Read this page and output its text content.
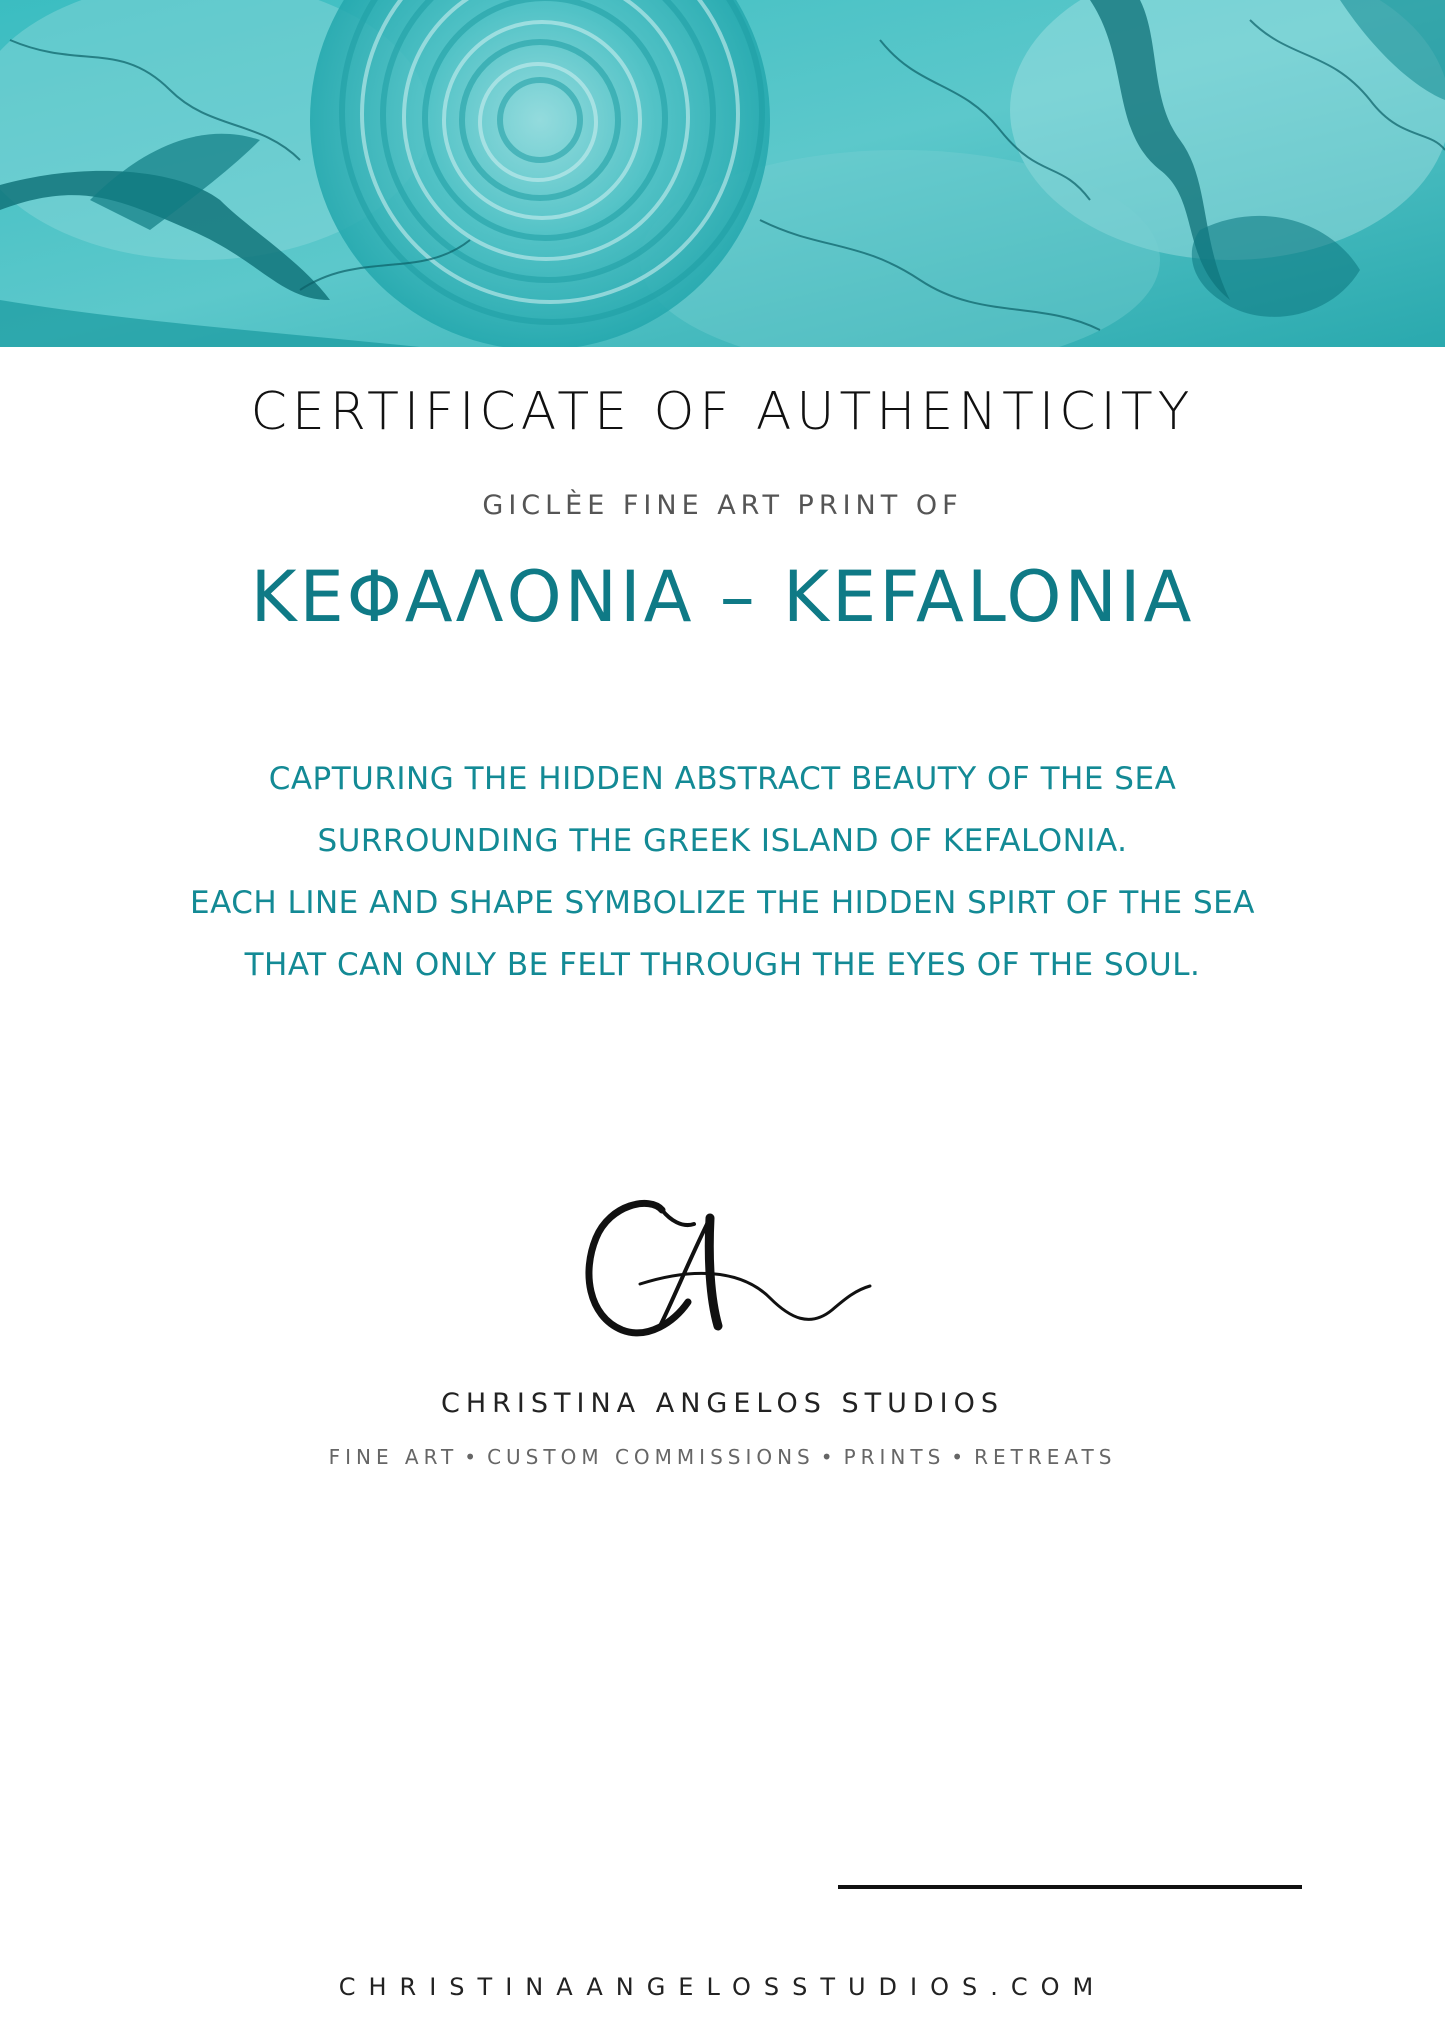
CERTIFICATE OF AUTHENTICITY
GICLÈE FINE ART PRINT OF
ΚΕΦΑΛΟΝΙΑ – KEFALONIA
CAPTURING THE HIDDEN ABSTRACT BEAUTY OF THE SEA
SURROUNDING THE GREEK ISLAND OF KEFALONIA.
EACH LINE AND SHAPE SYMBOLIZE THE HIDDEN SPIRT OF THE SEA
THAT CAN ONLY BE FELT THROUGH THE EYES OF THE SOUL.
CHRISTINA ANGELOS STUDIOS
FINE ART • CUSTOM COMMISSIONS • PRINTS • RETREATS
CHRISTINAANGELOSSTUDIOS.COM
